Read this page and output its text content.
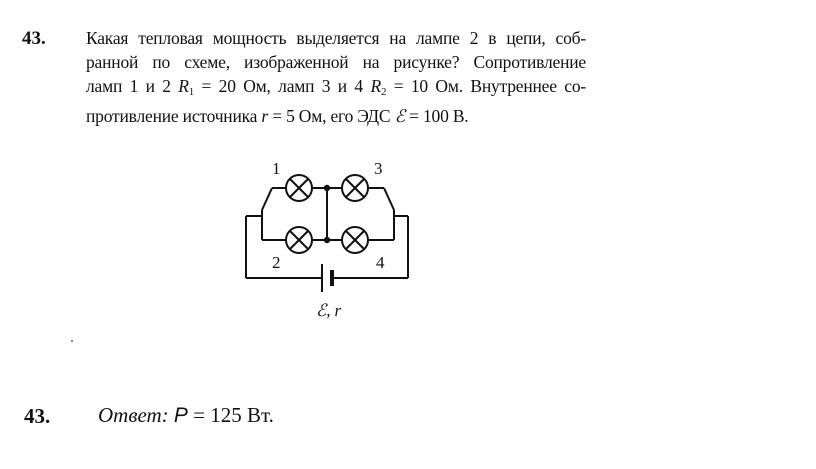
43. Какая тепловая мощность выделяется на лампе 2 в цепи, соб-
ранной по схеме, изображенной на рисунке? Сопротивление
ламп 1 и 2 $R_1 = 20$ Ом, ламп 3 и 4 $R_2 = 10$ Ом. Внутреннее со-
противление источника r = 5 Ом, его ЭДС ℰ = 100 В.
1
2
3
4
ℰ, r
43. Ответ: P = 125 Вт.
